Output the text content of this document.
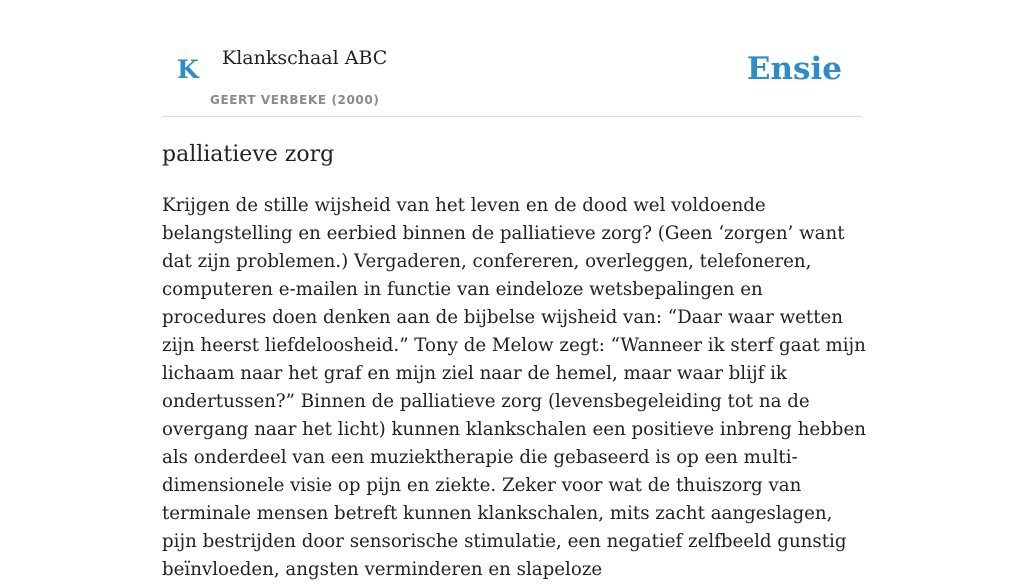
K Klankschaal ABC
GEERT VERBEKE (2000)
Ensie
palliatieve zorg

Krijgen de stille wijsheid van het leven en de dood wel voldoende belangstelling en eerbied binnen de palliatieve zorg? (Geen ‘zorgen’ want dat zijn problemen.) Vergaderen, confereren, overleggen, telefoneren, computeren e-mailen in functie van eindeloze wetsbepalingen en procedures doen denken aan de bijbelse wijsheid van: “Daar waar wetten zijn heerst liefdeloosheid.” Tony de Melow zegt: “Wanneer ik sterf gaat mijn lichaam naar het graf en mijn ziel naar de hemel, maar waar blijf ik ondertussen?” Binnen de palliatieve zorg (levensbegeleiding tot na de overgang naar het licht) kunnen klankschalen een positieve inbreng hebben als onderdeel van een muziektherapie die gebaseerd is op een multi-dimensionele visie op pijn en ziekte. Zeker voor wat de thuiszorg van terminale mensen betreft kunnen klankschalen, mits zacht aangeslagen, pijn bestrijden door sensorische stimulatie, een negatief zelfbeeld gunstig beïnvloeden, angsten verminderen en slapeloze
